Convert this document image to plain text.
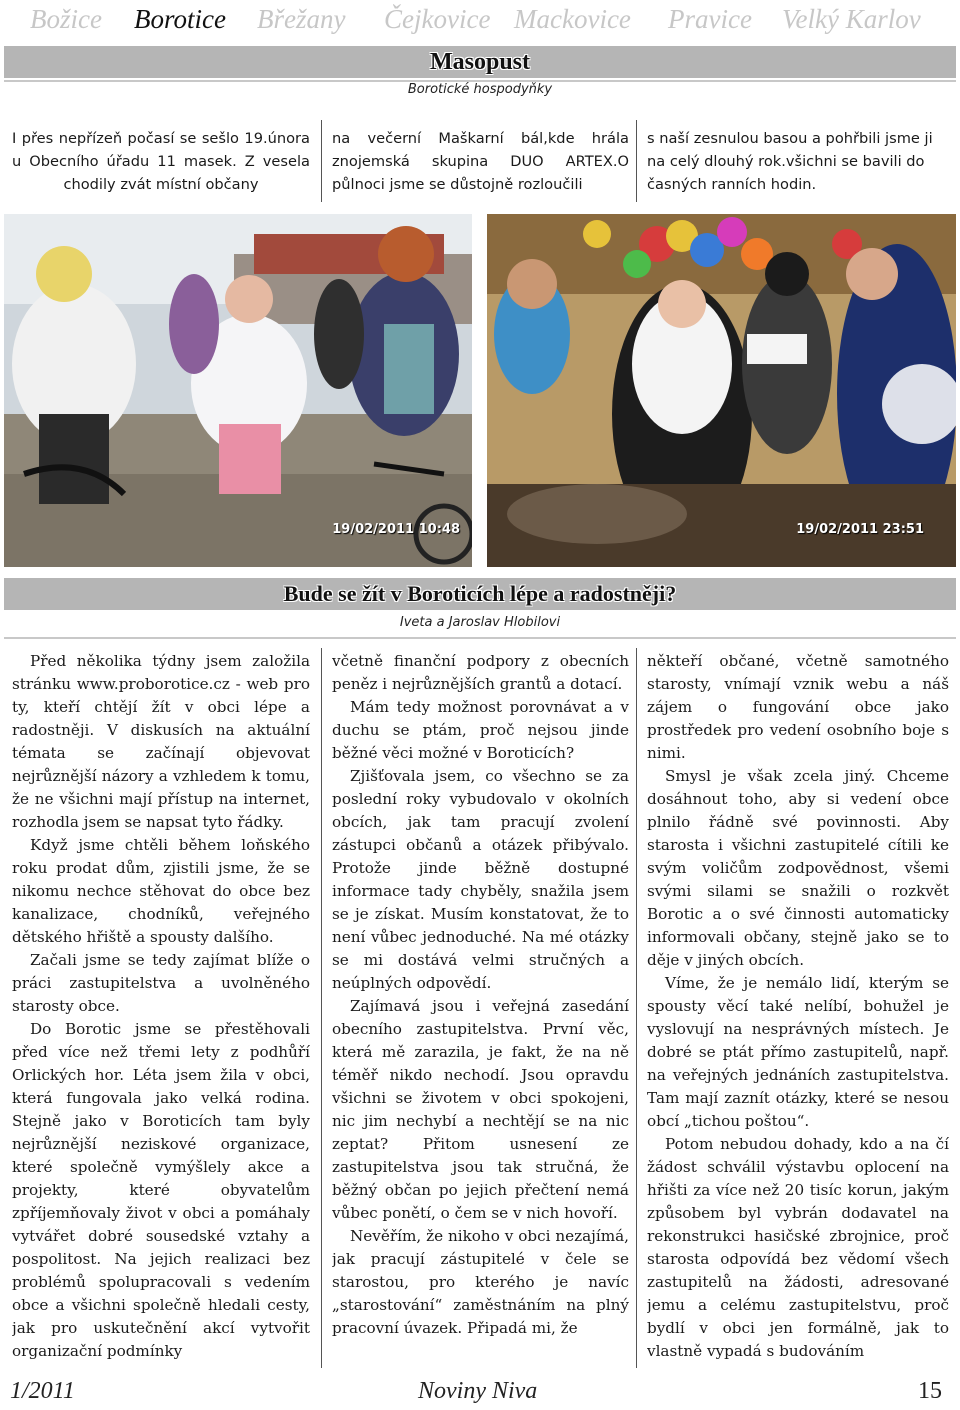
Božice Borotice Břežany Čejkovice Mackovice Pravice Velký Karlov
Masopust
Borotické hospodyňky
I přes nepřízeň počasí se sešlo 19.února u Obecního úřadu 11 masek. Z vesela chodily zvát místní občany
na večerní Maškarní bál,kde hrála znojemská skupina DUO ARTEX.O půlnoci jsme se důstojně rozloučili
s naší zesnulou basou a pohřbili jsme ji na celý dlouhý rok.všichni se bavili do časných ranních hodin.
19/02/2011 10:48	19/02/2011 23:51
Bude se žít v Boroticích lépe a radostněji?
Iveta a Jaroslav Hlobilovi

Před několika týdny jsem založila stránku www.proborotice.cz - web pro ty, kteří chtějí žít v obci lépe a radostněji. V diskusích na aktuální témata se začínají objevovat nejrůznější názory a vzhledem k tomu, že ne všichni mají přístup na internet, rozhodla jsem se napsat tyto řádky.

Když jsme chtěli během loňského roku prodat dům, zjistili jsme, že se nikomu nechce stěhovat do obce bez kanalizace, chodníků, veřejného dětského hřiště a spousty dalšího.

Začali jsme se tedy zajímat blíže o práci zastupitelstva a uvolněného starosty obce.

Do Borotic jsme se přestěhovali před více než třemi lety z podhůří Orlických hor. Léta jsem žila v obci, která fungovala jako velká rodina. Stejně jako v Boroticích tam byly nejrůznější neziskové organizace, které společně vymýšlely akce a projekty, které obyvatelům zpříjemňovaly život v obci a pomáhaly vytvářet dobré sousedské vztahy a pospolitost. Na jejich realizaci bez problémů spolupracovali s vedením obce a všichni společně hledali cesty, jak pro uskutečnění akcí vytvořit organizační podmínky

včetně finanční podpory z obecních peněz i nejrůznějších grantů a dotací.

Mám tedy možnost porovnávat a v duchu se ptám, proč nejsou jinde běžné věci možné v Boroticích?

Zjišťovala jsem, co všechno se za poslední roky vybudovalo v okolních obcích, jak tam pracují zvolení zástupci občanů a otázek přibývalo. Protože jinde běžně dostupné informace tady chyběly, snažila jsem se je získat. Musím konstatovat, že to není vůbec jednoduché. Na mé otázky se mi dostává velmi stručných a neúplných odpovědí.

Zajímavá jsou i veřejná zasedání obecního zastupitelstva. První věc, která mě zarazila, je fakt, že na ně téměř nikdo nechodí. Jsou opravdu všichni se životem v obci spokojeni, nic jim nechybí a nechtějí se na nic zeptat? Přitom usnesení ze zastupitelstva jsou tak stručná, že běžný občan po jejich přečtení nemá vůbec ponětí, o čem se v nich hovoří.

Nevěřím, že nikoho v obci nezajímá, jak pracují zástupitelé v čele se starostou, pro kterého je navíc „starostování“ zaměstnáním na plný pracovní úvazek. Připadá mi, že

někteří občané, včetně samotného starosty, vnímají vznik webu a náš zájem o fungování obce jako prostředek pro vedení osobního boje s nimi.

Smysl je však zcela jiný. Chceme dosáhnout toho, aby si vedení obce plnilo řádně své povinnosti. Aby starosta i všichni zastupitelé cítili ke svým voličům zodpovědnost, všemi svými silami se snažili o rozkvět Borotic a o své činnosti automaticky informovali občany, stejně jako se to děje v jiných obcích.

Víme, že je nemálo lidí, kterým se spousty věcí také nelíbí, bohužel je vyslovují na nesprávných místech. Je dobré se ptát přímo zastupitelů, např. na veřejných jednáních zastupitelstva. Tam mají zaznít otázky, které se nesou obcí „tichou poštou“.

Potom nebudou dohady, kdo a na čí žádost schválil výstavbu oplocení na hřišti za více než 20 tisíc korun, jakým způsobem byl vybrán dodavatel na rekonstrukci hasičské zbrojnice, proč starosta odpovídá bez vědomí všech zastupitelů na žádosti, adresované jemu a celému zastupitelstvu, proč bydlí v obci jen formálně, jak to vlastně vypadá s budováním

1/2011	Noviny Niva	15
